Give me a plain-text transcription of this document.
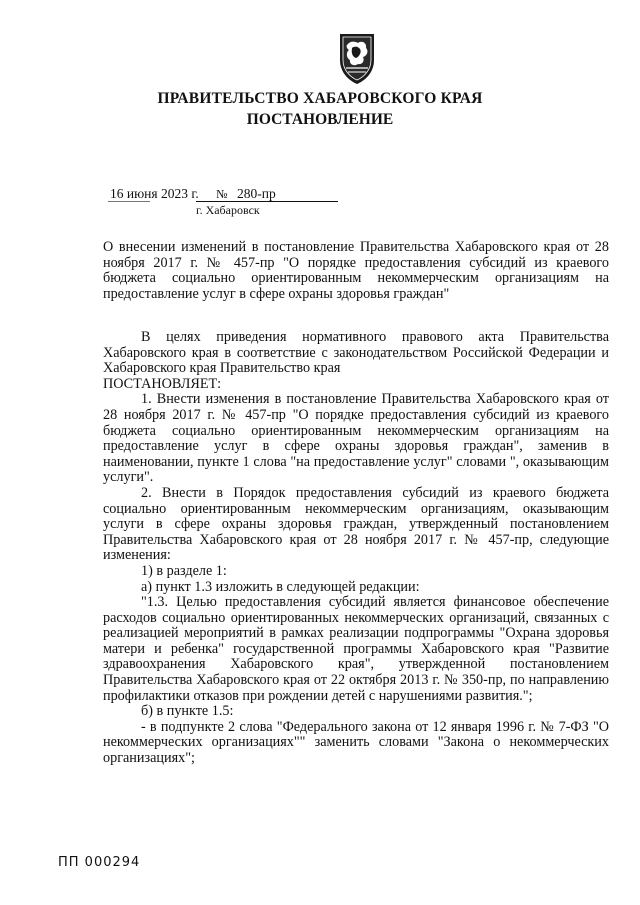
ПРАВИТЕЛЬСТВО ХАБАРОВСКОГО КРАЯ
ПОСТАНОВЛЕНИЕ
16 июня 2023 г. № 280-пр
г. Хабаровск
О внесении изменений в постановление Правительства Хабаровского края от 28 ноября 2017 г. № 457-пр "О порядке предоставления субсидий из краевого бюджета социально ориентированным некоммерческим организациям на предоставление услуг в сфере охраны здоровья граждан"

В целях приведения нормативного правового акта Правительства Хабаровского края в соответствие с законодательством Российской Федерации и Хабаровского края Правительство края

ПОСТАНОВЛЯЕТ:

1. Внести изменения в постановление Правительства Хабаровского края от 28 ноября 2017 г. № 457-пр "О порядке предоставления субсидий из краевого бюджета социально ориентированным некоммерческим организациям на предоставление услуг в сфере охраны здоровья граждан", заменив в наименовании, пункте 1 слова "на предоставление услуг" словами ", оказывающим услуги".

2. Внести в Порядок предоставления субсидий из краевого бюджета социально ориентированным некоммерческим организациям, оказывающим услуги в сфере охраны здоровья граждан, утвержденный постановлением Правительства Хабаровского края от 28 ноября 2017 г. № 457-пр, следующие изменения:

1) в разделе 1:

а) пункт 1.3 изложить в следующей редакции:

"1.3. Целью предоставления субсидий является финансовое обеспечение расходов социально ориентированных некоммерческих организаций, связанных с реализацией мероприятий в рамках реализации подпрограммы "Охрана здоровья матери и ребенка" государственной программы Хабаровского края "Развитие здравоохранения Хабаровского края", утвержденной постановлением Правительства Хабаровского края от 22 октября 2013 г. № 350-пр, по направлению профилактики отказов при рождении детей с нарушениями развития.";

б) в пункте 1.5:

- в подпункте 2 слова "Федерального закона от 12 января 1996 г. № 7-ФЗ "О некоммерческих организациях"" заменить словами "Закона о некоммерческих организациях";

ПП 000294
